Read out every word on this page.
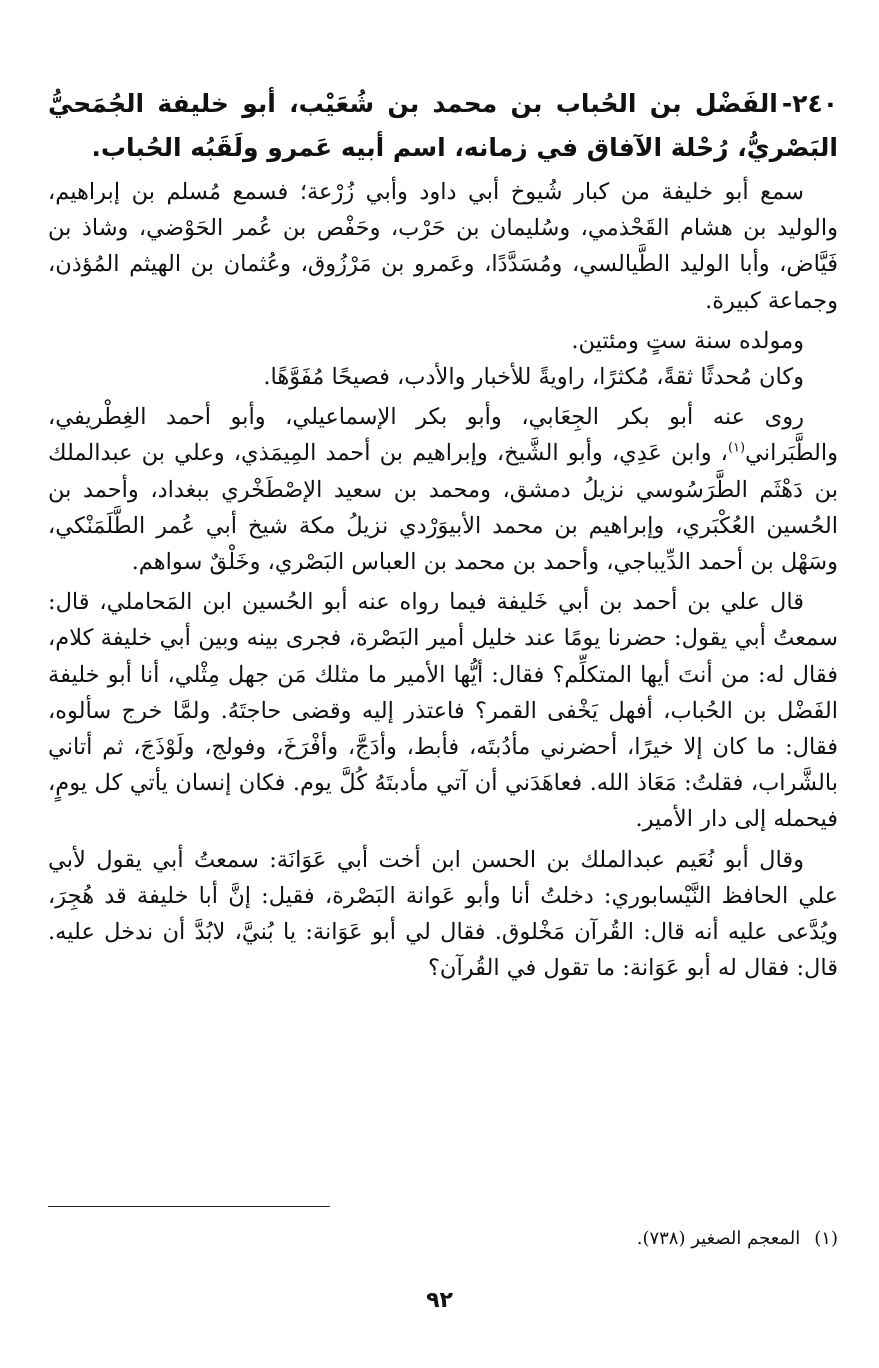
٢٤٠-الفَضْل بن الحُباب بن محمد بن شُعَيْب، أبو خليفة الجُمَحيُّ البَصْريُّ، رُحْلة الآفاق في زمانه، اسم أبيه عَمرو ولَقَبُه الحُباب.

سمع أبو خليفة من كبار شُيوخ أبي داود وأبي زُرْعة؛ فسمع مُسلم بن إبراهيم، والوليد بن هشام القَحْذمي، وسُليمان بن حَرْب، وحَفْص بن عُمر الحَوْضي، وشاذ بن فَيَّاض، وأبا الوليد الطَّيالسي، ومُسَدَّدًا، وعَمرو بن مَرْزُوق، وعُثمان بن الهيثم المُؤذن، وجماعة كبيرة.

ومولده سنة ستٍ ومئتين.

وكان مُحدثًا ثقةً، مُكثرًا، راويةً للأخبار والأدب، فصيحًا مُفَوَّهًا.

روى عنه أبو بكر الجِعَابي، وأبو بكر الإسماعيلي، وأبو أحمد الغِطْريفي، والطَّبَراني$^{(١)}$، وابن عَدِي، وأبو الشَّيخ، وإبراهيم بن أحمد المِيمَذي، وعلي بن عبدالملك بن دَهْثَم الطَّرَسُوسي نزيلُ دمشق، ومحمد بن سعيد الإصْطَخْري ببغداد، وأحمد بن الحُسين العُكْبَري، وإبراهيم بن محمد الأبيوَرْدي نزيلُ مكة شيخ أبي عُمر الطَّلَمَنْكي، وسَهْل بن أحمد الدِّيباجي، وأحمد بن محمد بن العباس البَصْري، وخَلْقٌ سواهم.

قال علي بن أحمد بن أبي خَليفة فيما رواه عنه أبو الحُسين ابن المَحاملي، قال: سمعتُ أبي يقول: حضرنا يومًا عند خليل أمير البَصْرة، فجرى بينه وبين أبي خليفة كلام، فقال له: من أنتَ أيها المتكلِّم؟ فقال: أيُّها الأمير ما مثلك مَن جهل مِثْلي، أنا أبو خليفة الفَضْل بن الحُباب، أفهل يَخْفى القمر؟ فاعتذر إليه وقضى حاجتَهُ. ولمَّا خرج سألوه، فقال: ما كان إلا خيرًا، أحضرني مأدُبتَه، فأبط، وأدَجَّ، وأفْرَخَ، وفولج، ولَوْذَجَ، ثم أتاني بالشَّراب، فقلتُ: مَعَاذ الله. فعاهَدَني أن آتي مأدبتَهُ كُلَّ يوم. فكان إنسان يأتي كل يومٍ، فيحمله إلى دار الأمير.

وقال أبو نُعَيم عبدالملك بن الحسن ابن أخت أبي عَوَانَة: سمعتُ أبي يقول لأبي علي الحافظ النَّيْسابوري: دخلتُ أنا وأبو عَوانة البَصْرة، فقيل: إنَّ أبا خليفة قد هُجِرَ، ويُدَّعى عليه أنه قال: القُرآن مَخْلوق. فقال لي أبو عَوَانة: يا بُنيَّ، لابُدَّ أن ندخل عليه. قال: فقال له أبو عَوَانة: ما تقول في القُرآن؟

(١)المعجم الصغير (٧٣٨).
٩٢
